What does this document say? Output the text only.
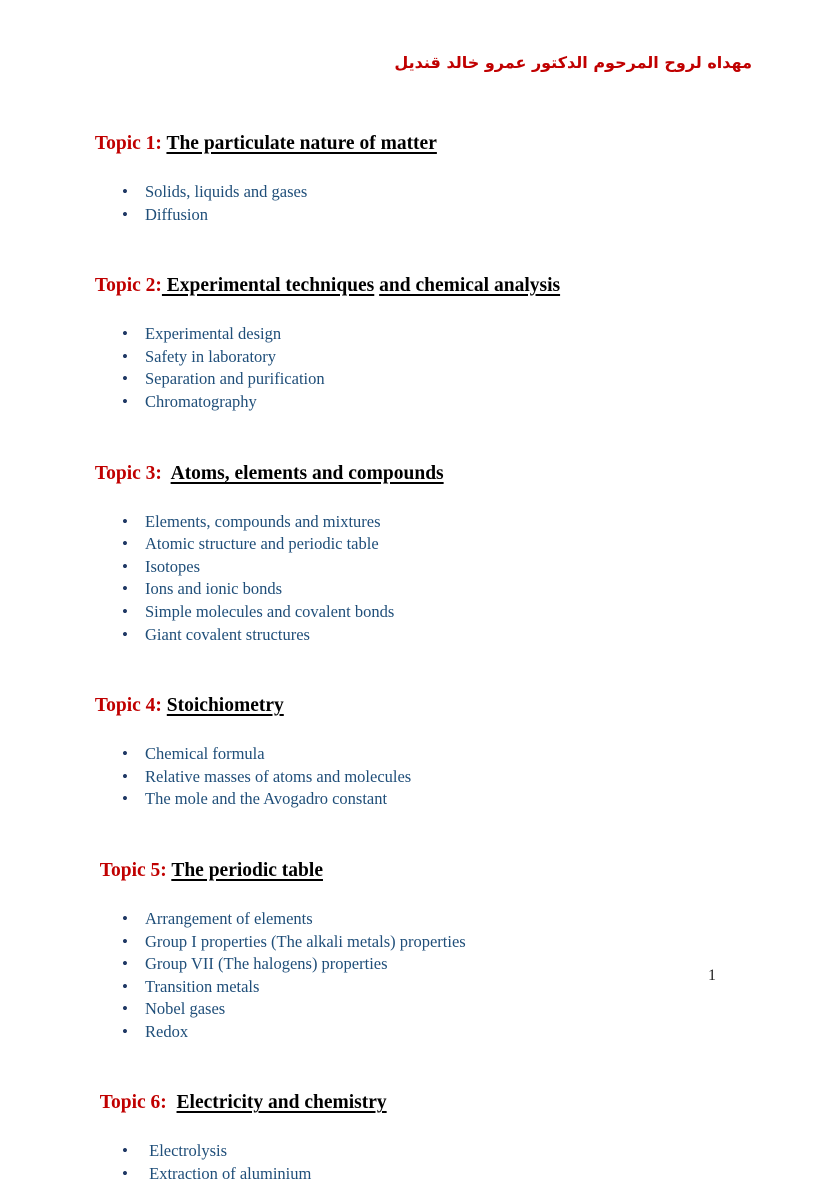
مهداه لروح المرحوم الدكتور عمرو خالد قنديل

Topic 1: The particulate nature of matter

• Solids, liquids and gases
• Diffusion

Topic 2: Experimental techniques and chemical analysis

• Experimental design
• Safety in laboratory
• Separation and purification
• Chromatography

Topic 3: Atoms, elements and compounds

• Elements, compounds and mixtures
• Atomic structure and periodic table
• Isotopes
• Ions and ionic bonds
• Simple molecules and covalent bonds
• Giant covalent structures

Topic 4: Stoichiometry

• Chemical formula
• Relative masses of atoms and molecules
• The mole and the Avogadro constant

Topic 5: The periodic table

• Arrangement of elements
• Group I properties (The alkali metals) properties
• Group VII (The halogens) properties
• Transition metals
• Nobel gases
• Redox

Topic 6: Electricity and chemistry

•  Electrolysis
•  Extraction of aluminium
1
